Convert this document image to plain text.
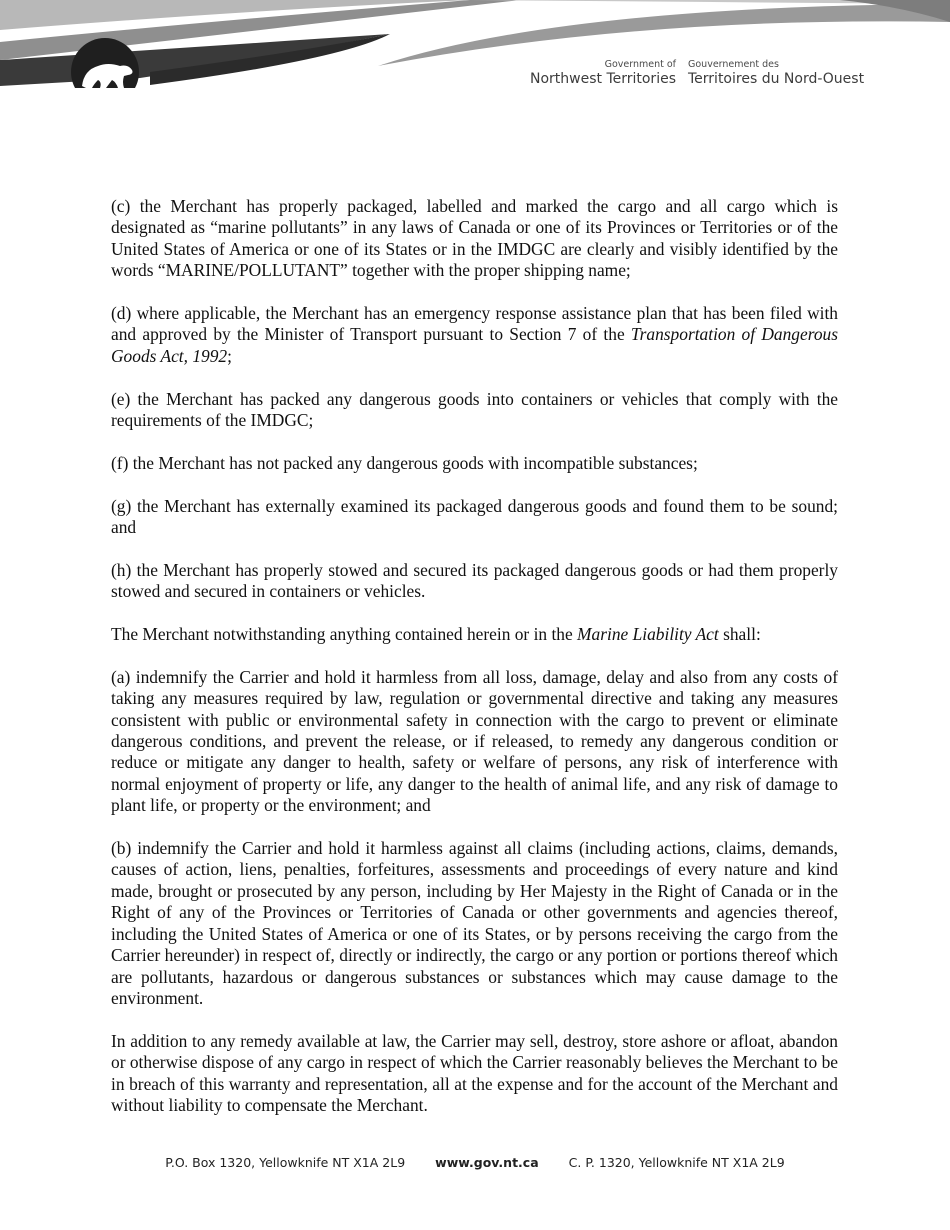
Government of
Northwest Territories
Gouvernement des
Territoires du Nord-Ouest

(c) the Merchant has properly packaged, labelled and marked the cargo and all cargo which is designated as “marine pollutants” in any laws of Canada or one of its Provinces or Territories or of the United States of America or one of its States or in the IMDGC are clearly and visibly identified by the words “MARINE/POLLUTANT” together with the proper shipping name;

(d) where applicable, the Merchant has an emergency response assistance plan that has been filed with and approved by the Minister of Transport pursuant to Section 7 of the Transportation of Dangerous Goods Act, 1992;

(e) the Merchant has packed any dangerous goods into containers or vehicles that comply with the requirements of the IMDGC;

(f) the Merchant has not packed any dangerous goods with incompatible substances;

(g) the Merchant has externally examined its packaged dangerous goods and found them to be sound; and

(h) the Merchant has properly stowed and secured its packaged dangerous goods or had them properly stowed and secured in containers or vehicles.

The Merchant notwithstanding anything contained herein or in the Marine Liability Act shall:

(a) indemnify the Carrier and hold it harmless from all loss, damage, delay and also from any costs of taking any measures required by law, regulation or governmental directive and taking any measures consistent with public or environmental safety in connection with the cargo to prevent or eliminate dangerous conditions, and prevent the release, or if released, to remedy any dangerous condition or reduce or mitigate any danger to health, safety or welfare of persons, any risk of interference with normal enjoyment of property or life, any danger to the health of animal life, and any risk of damage to plant life, or property or the environment; and

(b) indemnify the Carrier and hold it harmless against all claims (including actions, claims, demands, causes of action, liens, penalties, forfeitures, assessments and proceedings of every nature and kind made, brought or prosecuted by any person, including by Her Majesty in the Right of Canada or in the Right of any of the Provinces or Territories of Canada or other governments and agencies thereof, including the United States of America or one of its States, or by persons receiving the cargo from the Carrier hereunder) in respect of, directly or indirectly, the cargo or any portion or portions thereof which are pollutants, hazardous or dangerous substances or substances which may cause damage to the environment.

In addition to any remedy available at law, the Carrier may sell, destroy, store ashore or afloat, abandon or otherwise dispose of any cargo in respect of which the Carrier reasonably believes the Merchant to be in breach of this warranty and representation, all at the expense and for the account of the Merchant and without liability to compensate the Merchant.

P.O. Box 1320, Yellowknife NT X1A 2L9 www.gov.nt.ca C. P. 1320, Yellowknife NT X1A 2L9
